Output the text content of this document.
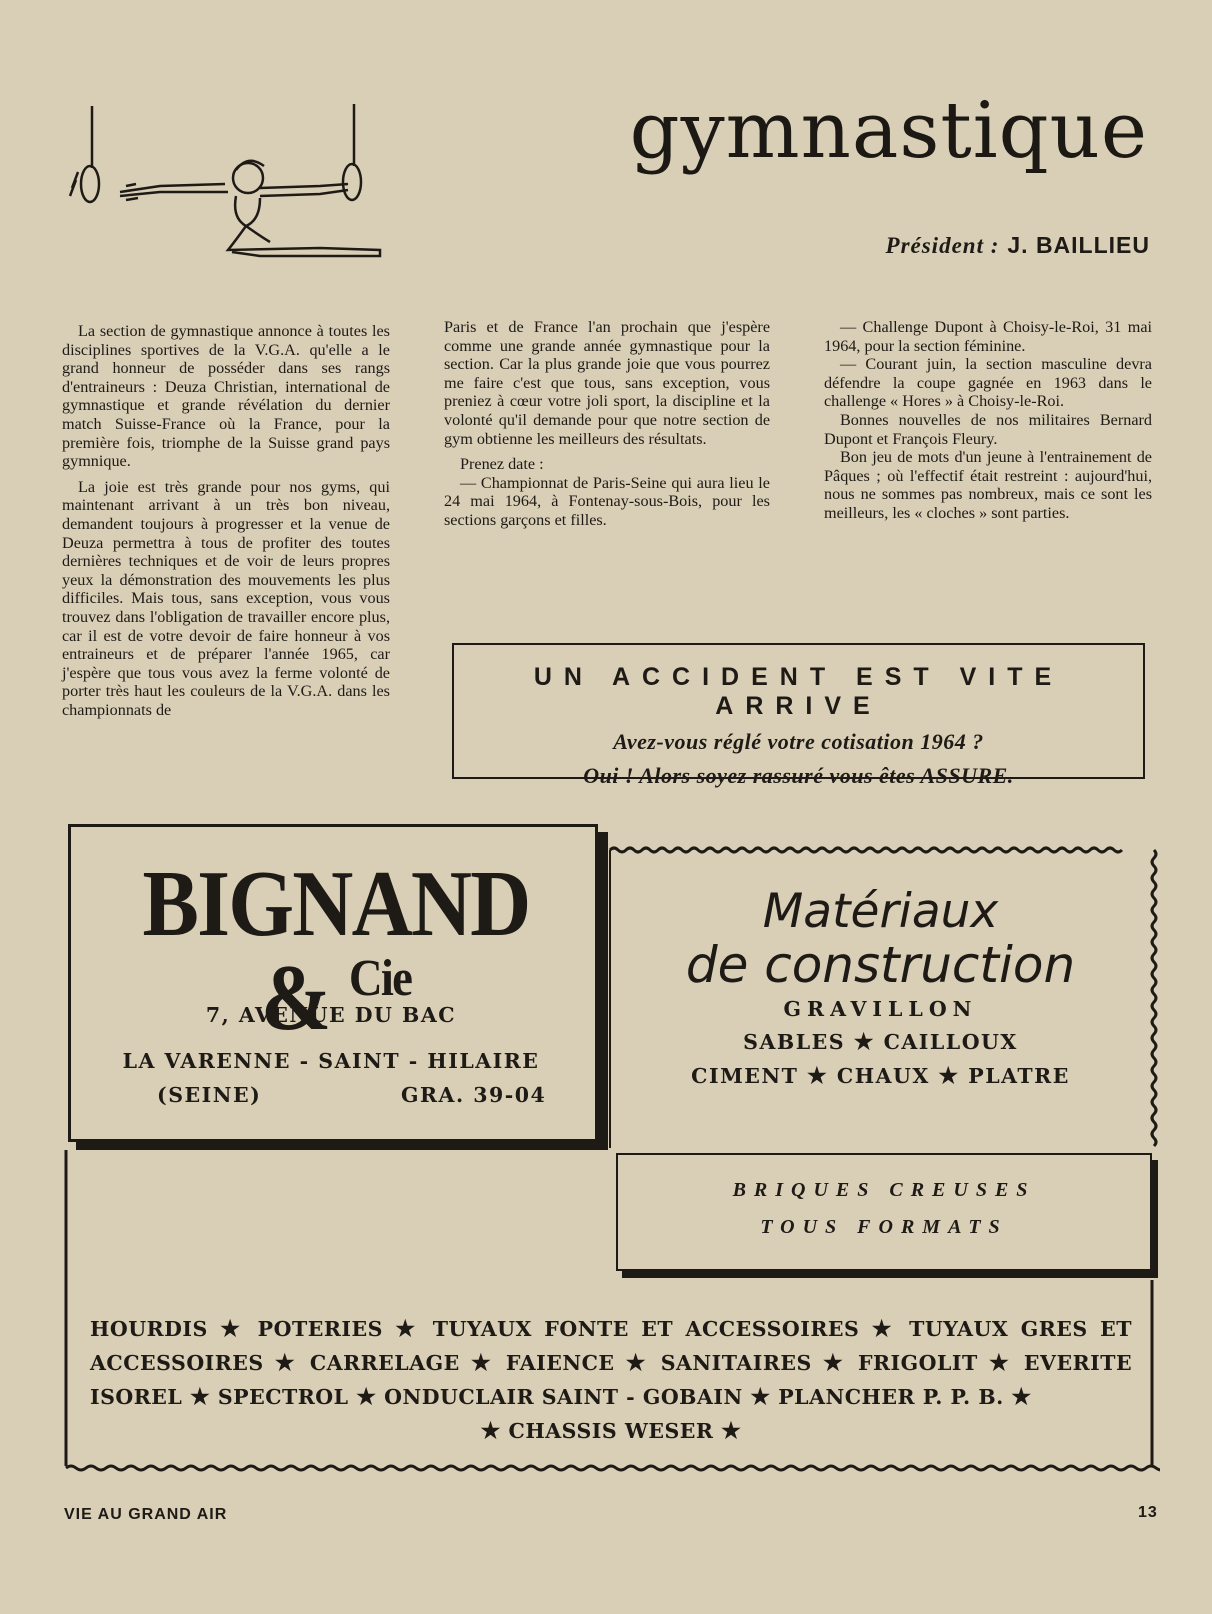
gymnastique
Président : J. BAILLIEU

La section de gymnastique annonce à toutes les disciplines sportives de la V.G.A. qu'elle a le grand honneur de posséder dans ses rangs d'entraineurs : Deuza Christian, international de gymnastique et grande révélation du dernier match Suisse-France où la France, pour la première fois, triomphe de la Suisse grand pays gymnique.

La joie est très grande pour nos gyms, qui maintenant arrivant à un très bon niveau, demandent toujours à progresser et la venue de Deuza permettra à tous de profiter des toutes dernières techniques et de voir de leurs propres yeux la démonstration des mouvements les plus difficiles. Mais tous, sans exception, vous vous trouvez dans l'obligation de travailler encore plus, car il est de votre devoir de faire honneur à vos entraineurs et de préparer l'année 1965, car j'espère que tous vous avez la ferme volonté de porter très haut les couleurs de la V.G.A. dans les championnats de

Paris et de France l'an prochain que j'espère comme une grande année gymnastique pour la section. Car la plus grande joie que vous pourrez me faire c'est que tous, sans exception, vous preniez à cœur votre joli sport, la discipline et la volonté qu'il demande pour que notre section de gym obtienne les meilleurs des résultats.

Prenez date :

— Championnat de Paris-Seine qui aura lieu le 24 mai 1964, à Fontenay-sous-Bois, pour les sections garçons et filles.

— Challenge Dupont à Choisy-le-Roi, 31 mai 1964, pour la section féminine.

— Courant juin, la section masculine devra défendre la coupe gagnée en 1963 dans le challenge « Hores » à Choisy-le-Roi.

Bonnes nouvelles de nos militaires Bernard Dupont et François Fleury.

Bon jeu de mots d'un jeune à l'entrainement de Pâques ; où l'effectif était restreint : aujourd'hui, nous ne sommes pas nombreux, mais ce sont les meilleurs, les « cloches » sont parties.

UN ACCIDENT EST VITE ARRIVE
Avez-vous réglé votre cotisation 1964 ?
Oui ! Alors soyez rassuré vous êtes ASSURE.
BIGNAND & $^{Cie}$
7, AVENUE DU BAC
LA VARENNE - SAINT - HILAIRE
(SEINE)	GRA. 39-04
Matériaux
de construction
GRAVILLON
SABLES ★ CAILLOUX
CIMENT ★ CHAUX ★ PLATRE
BRIQUES CREUSES
TOUS FORMATS
HOURDIS ★ POTERIES ★ TUYAUX FONTE ET ACCESSOIRES ★ TUYAUX GRES ET ACCESSOIRES ★ CARRELAGE ★ FAIENCE ★ SANITAIRES ★ FRIGOLIT ★ EVERITE ISOREL ★ SPECTROL ★ ONDUCLAIR SAINT - GOBAIN ★ PLANCHER P. P. B. ★
★ CHASSIS WESER ★
VIE AU GRAND AIR	13
